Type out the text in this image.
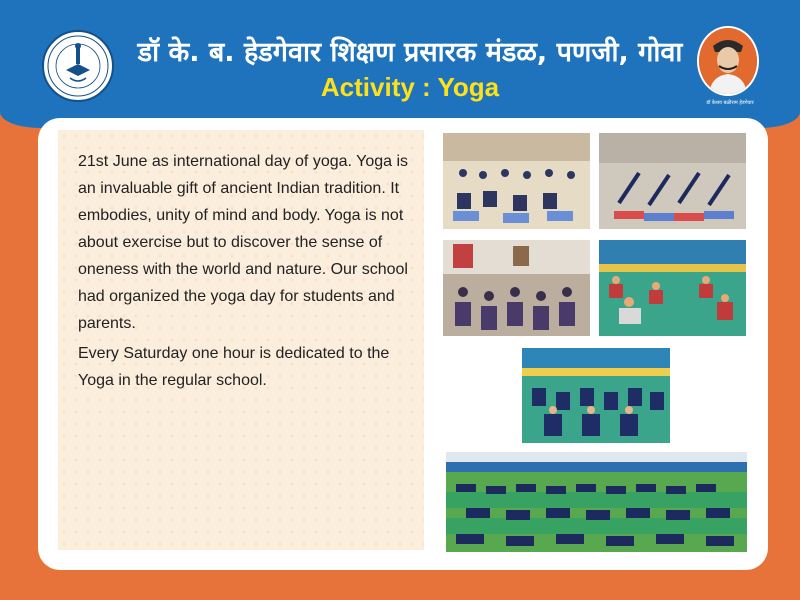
डॉ के. ब. हेडगेवार शिक्षण प्रसारक मंडळ, पणजी, गोवा
Activity : Yoga
डॉ केशव बळीराम हेडगेवार

21st June as international day of yoga. Yoga is an invaluable gift of ancient Indian tradition. It embodies, unity of mind and body. Yoga is not about exercise but to discover the sense of oneness with the world and nature. Our school had organized the yoga day for students and parents.

Every Saturday one hour is dedicated to the Yoga in the regular school.
